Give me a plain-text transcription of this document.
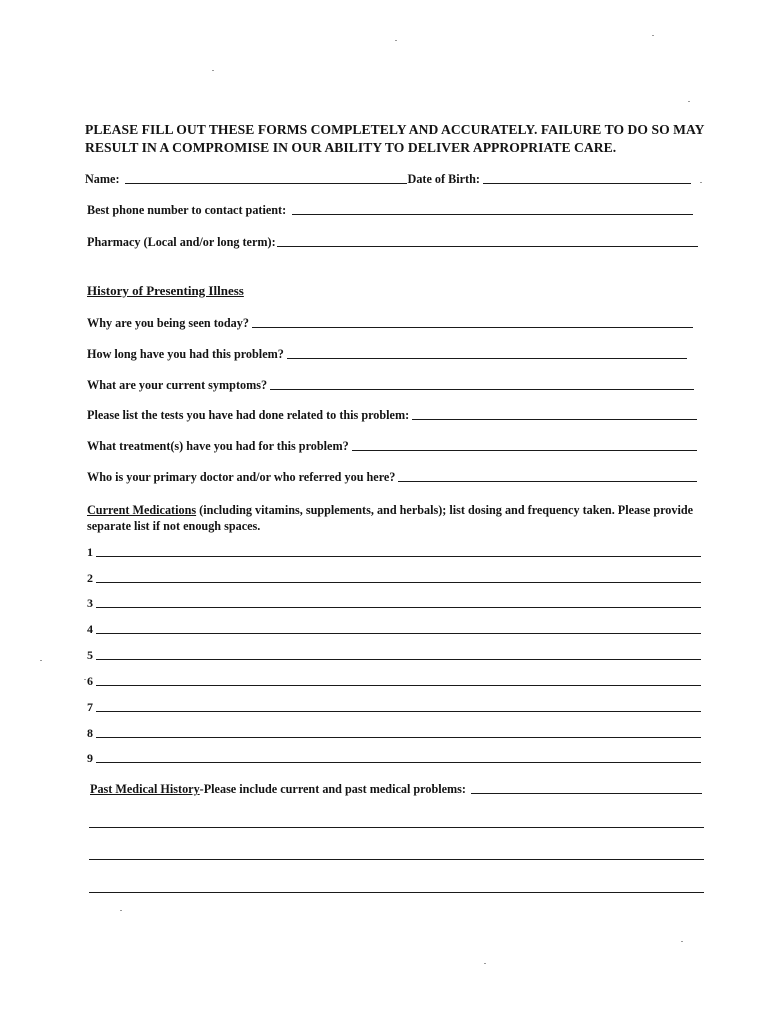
PLEASE FILL OUT THESE FORMS COMPLETELY AND ACCURATELY. FAILURE TO DO SO MAY RESULT IN A COMPROMISE IN OUR ABILITY TO DELIVER APPROPRIATE CARE.
Name:	Date of Birth:
Best phone number to contact patient:
Pharmacy (Local and/or long term):
History of Presenting Illness
Why are you being seen today?
How long have you had this problem?
What are your current symptoms?
Please list the tests you have had done related to this problem:
What treatment(s) have you had for this problem?
Who is your primary doctor and/or who referred you here?
Current Medications (including vitamins, supplements, and herbals); list dosing and frequency taken. Please provide separate list if not enough spaces.
1
2
3
4
5
6
7
8
9
Past Medical History -Please include current and past medical problems:
